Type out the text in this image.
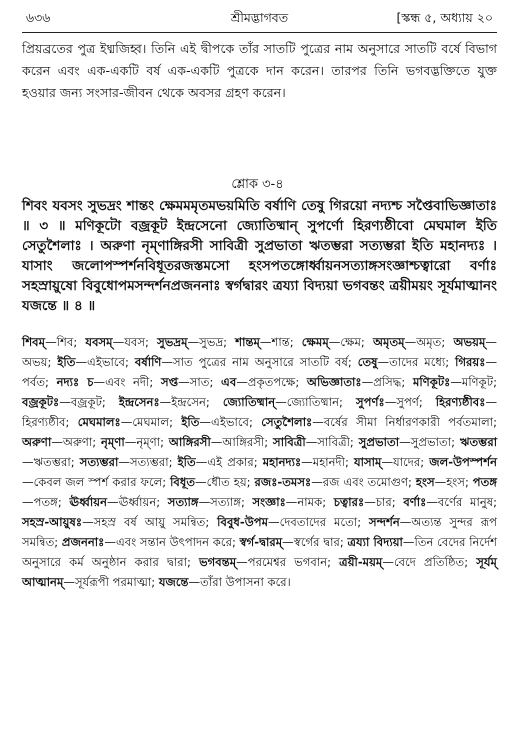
৬৩৬	শ্রীমদ্ভাগবত	[স্কন্ধ ৫, অধ্যায় ২০
প্রিয়ব্রতের পুত্র ইধ্মজিহ্ব। তিনি এই দ্বীপকে তাঁর সাতটি পুত্রের নাম অনুসারে সাতটি বর্ষে বিভাগ করেন এবং এক-একটি বর্ষ এক-একটি পুত্রকে দান করেন। তারপর তিনি ভগবদ্ভক্তিতে যুক্ত হওয়ার জন্য সংসার-জীবন থেকে অবসর গ্রহণ করেন।
শ্লোক ৩-৪
শিবং যবসং সুভদ্রং শান্তং ক্ষেমমমৃতমভয়মিতি বর্ষাণি তেষু গিরয়ো নদ্যশ্চ সপ্তৈবাভিজ্ঞাতাঃ ॥ ৩ ॥ মণিকূটো বজ্রকূট ইন্দ্রসেনো জ্যোতিষ্মান্ সুপর্ণো হিরণ্যষ্ঠীবো মেঘমাল ইতি সেতুশৈলাঃ । অরুণা নৃম্ণাঙ্গিরসী সাবিত্রী সুপ্রভাতা ঋতম্ভরা সত্যম্ভরা ইতি মহানদ্যঃ । যাসাং জলোপস্পর্শনবিধূতরজস্তমসো হংসপতঙ্গোর্ধ্বায়নসত্যাঙ্গসংজ্ঞাশ্চত্বারো বর্ণাঃ সহস্রায়ুষো বিবুধোপমসন্দর্শনপ্রজননাঃ স্বর্গদ্বারং ত্রয্যা বিদ্যয়া ভগবন্তং ত্রয়ীময়ং সূর্যমাত্মানং যজন্তে ॥ ৪ ॥
শিবম্—শিব; যবসম্—যবস; সুভদ্রম্—সুভদ্র; শান্তম্—শান্ত; ক্ষেমম্—ক্ষেম; অমৃতম্—অমৃত; অভয়ম্—অভয়; ইতি—এইভাবে; বর্ষাণি—সাত পুত্রের নাম অনুসারে সাতটি বর্ষ; তেষু—তাদের মধ্যে; গিরয়ঃ—পর্বত; নদ্যঃ চ—এবং নদী; সপ্ত—সাত; এব—প্রকৃতপক্ষে; অভিজ্ঞাতাঃ—প্রসিদ্ধ; মণিকূটঃ—মণিকূট; বজ্রকূটঃ—বজ্রকূট; ইন্দ্রসেনঃ—ইন্দ্রসেন; জ্যোতিষ্মান্—জ্যোতিষ্মান; সুপর্ণঃ—সুপর্ণ; হিরণ্যষ্ঠীবঃ—হিরণ্যষ্ঠীব; মেঘমালঃ—মেঘমাল; ইতি—এইভাবে; সেতুশৈলাঃ—বর্ষের সীমা নির্ধারণকারী পর্বতমালা; অরুণা—অরুণা; নৃম্ণা—নৃম্ণা; আঙ্গিরসী—আঙ্গিরসী; সাবিত্রী—সাবিত্রী; সুপ্রভাতা—সুপ্রভাতা; ঋতম্ভরা—ঋতম্ভরা; সত্যম্ভরা—সত্যম্ভরা; ইতি—এই প্রকার; মহানদ্যঃ—মহানদী; যাসাম্—যাদের; জল-উপস্পর্শন—কেবল জল স্পর্শ করার ফলে; বিধূত—ধৌত হয়; রজঃ-তমসঃ—রজ এবং তমোগুণ; হংস—হংস; পতঙ্গ—পতঙ্গ; ঊর্ধ্বায়ন—ঊর্ধ্বায়ন; সত্যাঙ্গ—সত্যাঙ্গ; সংজ্ঞাঃ—নামক; চত্বারঃ—চার; বর্ণাঃ—বর্ণের মানুষ; সহস্র-আয়ুষঃ—সহস্র বর্ষ আয়ু সমন্বিত; বিবুধ-উপম—দেবতাদের মতো; সন্দর্শন—অত্যন্ত সুন্দর রূপ সমন্বিত; প্রজননাঃ—এবং সন্তান উৎপাদন করে; স্বর্গ-দ্বারম্—স্বর্গের দ্বার; ত্রয্যা বিদ্যয়া—তিন বেদের নির্দেশ অনুসারে কর্ম অনুষ্ঠান করার দ্বারা; ভগবন্তম্—পরমেশ্বর ভগবান; ত্রয়ী-ময়ম্—বেদে প্রতিষ্ঠিত; সূর্যম্ আত্মানম্—সূর্যরূপী পরমাত্মা; যজন্তে—তাঁরা উপাসনা করে।
